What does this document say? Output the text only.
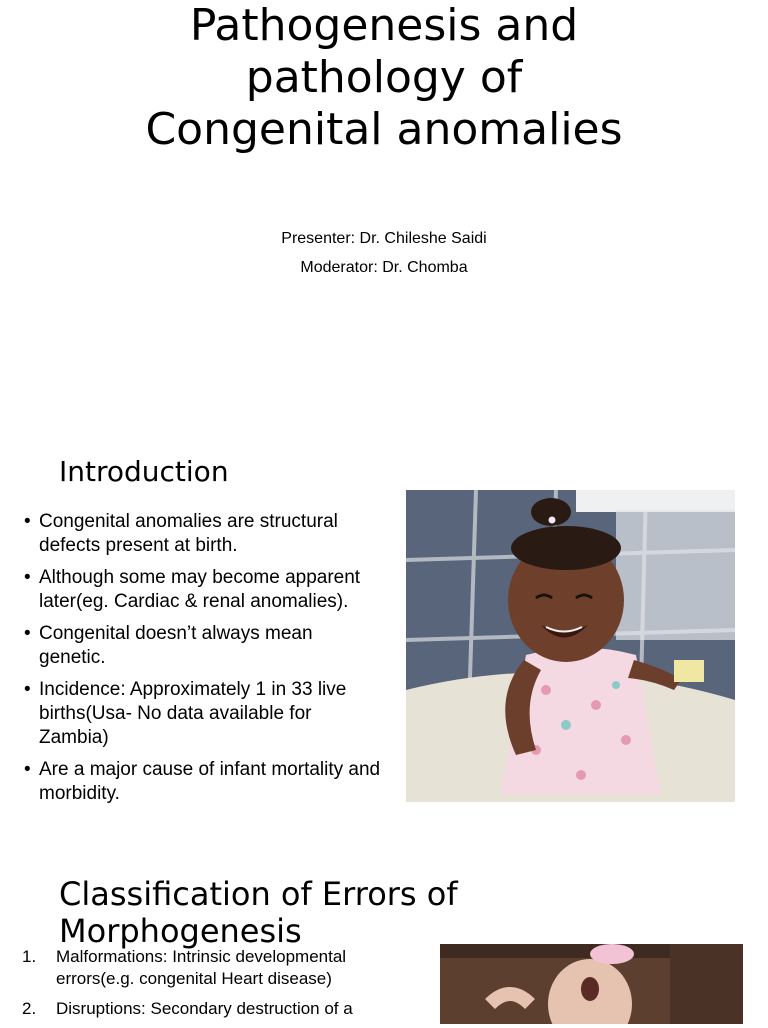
Pathogenesis and
pathology of
Congenital anomalies
Presenter: Dr. Chileshe Saidi
Moderator: Dr. Chomba
Introduction
• Congenital anomalies are structural defects present at birth.
• Although some may become apparent later(eg. Cardiac & renal anomalies).
• Congenital doesn’t always mean genetic.
• Incidence: Approximately 1 in 33 live births(Usa- No data available for Zambia)
• Are a major cause of infant mortality and morbidity.
Classification of Errors of Morphogenesis
1. Malformations: Intrinsic developmental errors(e.g. congenital Heart disease)
2. Disruptions: Secondary destruction of a
